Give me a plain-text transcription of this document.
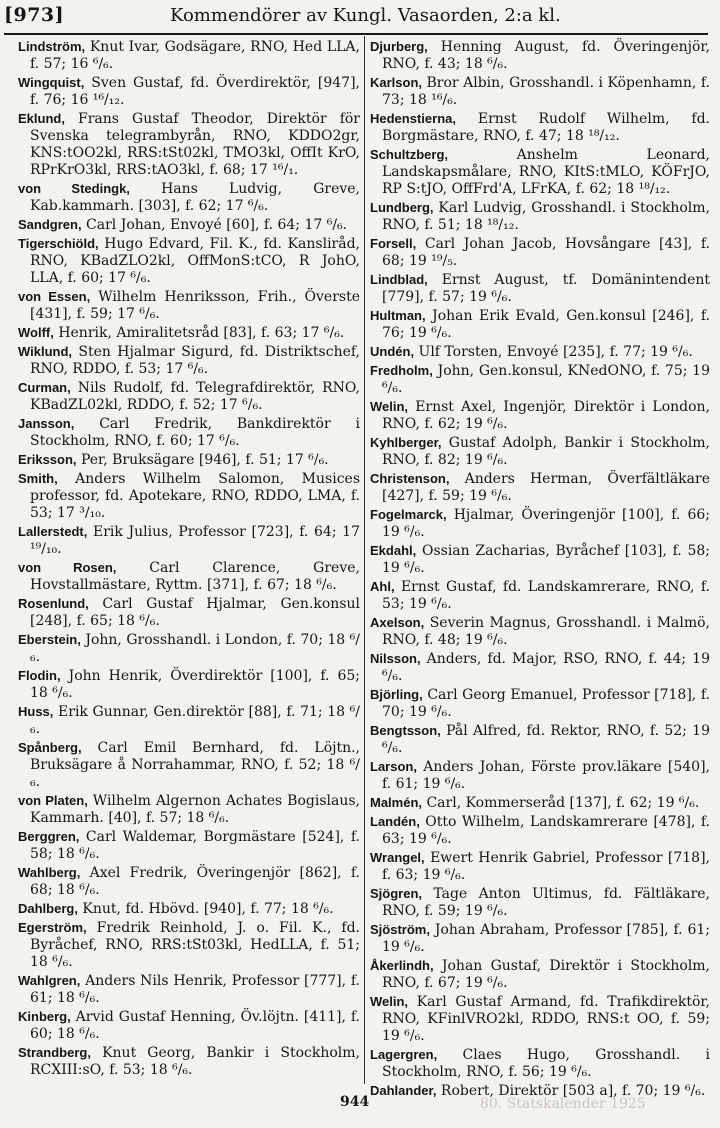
[973]	Kommendörer av Kungl. Vasaorden, 2:a kl.

Lindström, Knut Ivar, Godsägare, RNO, Hed LLA, f. 57; 16 ⁶/₆.

Wingquist, Sven Gustaf, fd. Överdirektör, [947], f. 76; 16 ¹⁶/₁₂.

Eklund, Frans Gustaf Theodor, Direktör för Svenska telegrambyrån, RNO, KDDO2gr, KNS:tOO2kl, RRS:tSt02kl, TMO3kl, OffIt KrO, RPrKrO3kl, RRS:tAO3kl, f. 68; 17 ¹⁶/₁.

von Stedingk, Hans Ludvig, Greve, Kab.kammarh. [303], f. 62; 17 ⁶/₆.

Sandgren, Carl Johan, Envoyé [60], f. 64; 17 ⁶/₆.

Tigerschiöld, Hugo Edvard, Fil. K., fd. Kansliråd, RNO, KBadZLO2kl, OffMonS:tCO, R JohO, LLA, f. 60; 17 ⁶/₆.

von Essen, Wilhelm Henriksson, Frih., Överste [431], f. 59; 17 ⁶/₆.

Wolff, Henrik, Amiralitetsråd [83], f. 63; 17 ⁶/₆.

Wiklund, Sten Hjalmar Sigurd, fd. Distriktschef, RNO, RDDO, f. 53; 17 ⁶/₆.

Curman, Nils Rudolf, fd. Telegrafdirektör, RNO, KBadZL02kl, RDDO, f. 52; 17 ⁶/₆.

Jansson, Carl Fredrik, Bankdirektör i Stockholm, RNO, f. 60; 17 ⁶/₆.

Eriksson, Per, Bruksägare [946], f. 51; 17 ⁶/₆.

Smith, Anders Wilhelm Salomon, Musices professor, fd. Apotekare, RNO, RDDO, LMA, f. 53; 17 ³/₁₀.

Lallerstedt, Erik Julius, Professor [723], f. 64; 17 ¹⁹/₁₀.

von Rosen, Carl Clarence, Greve, Hovstallmästare, Ryttm. [371], f. 67; 18 ⁶/₆.

Rosenlund, Carl Gustaf Hjalmar, Gen.konsul [248], f. 65; 18 ⁶/₆.

Eberstein, John, Grosshandl. i London, f. 70; 18 ⁶/₆.

Flodin, John Henrik, Överdirektör [100], f. 65; 18 ⁶/₆.

Huss, Erik Gunnar, Gen.direktör [88], f. 71; 18 ⁶/₆.

Spånberg, Carl Emil Bernhard, fd. Löjtn., Bruksägare å Norrahammar, RNO, f. 52; 18 ⁶/₆.

von Platen, Wilhelm Algernon Achates Bogislaus, Kammarh. [40], f. 57; 18 ⁶/₆.

Berggren, Carl Waldemar, Borgmästare [524], f. 58; 18 ⁶/₆.

Wahlberg, Axel Fredrik, Överingenjör [862], f. 68; 18 ⁶/₆.

Dahlberg, Knut, fd. Hbövd. [940], f. 77; 18 ⁶/₆.

Egerström, Fredrik Reinhold, J. o. Fil. K., fd. Byråchef, RNO, RRS:tSt03kl, HedLLA, f. 51; 18 ⁶/₆.

Wahlgren, Anders Nils Henrik, Professor [777], f. 61; 18 ⁶/₆.

Kinberg, Arvid Gustaf Henning, Öv.löjtn. [411], f. 60; 18 ⁶/₆.

Strandberg, Knut Georg, Bankir i Stockholm, RCXIII:sO, f. 53; 18 ⁶/₆.

Djurberg, Henning August, fd. Överingenjör, RNO, f. 43; 18 ⁶/₆.

Karlson, Bror Albin, Grosshandl. i Köpenhamn, f. 73; 18 ¹⁶/₆.

Hedenstierna, Ernst Rudolf Wilhelm, fd. Borgmästare, RNO, f. 47; 18 ¹⁸/₁₂.

Schultzberg,	Anshelm Leonard, Landskapsmålare, RNO, KItS:tMLO, KÖFrJO, RP S:tJO, OffFrd'A, LFrKA, f. 62; 18 ¹⁸/₁₂.

Lundberg, Karl Ludvig, Grosshandl. i Stockholm, RNO, f. 51; 18 ¹⁸/₁₂.

Forsell, Carl Johan Jacob, Hovsångare [43], f. 68; 19 ¹⁹/₅.

Lindblad, Ernst August, tf. Domänintendent [779], f. 57; 19 ⁶/₆.

Hultman, Johan Erik Evald, Gen.konsul [246], f. 76; 19 ⁶/₆.

Undén, Ulf Torsten, Envoyé [235], f. 77; 19 ⁶/₆.

Fredholm, John, Gen.konsul, KNedONO, f. 75; 19 ⁶/₆.

Welin, Ernst Axel, Ingenjör, Direktör i London, RNO, f. 62; 19 ⁶/₆.

Kyhlberger, Gustaf Adolph, Bankir i Stockholm, RNO, f. 82; 19 ⁶/₆.

Christenson, Anders Herman, Överfältläkare [427], f. 59; 19 ⁶/₆.

Fogelmarck, Hjalmar, Överingenjör [100], f. 66; 19 ⁶/₆.

Ekdahl, Ossian Zacharias, Byråchef [103], f. 58; 19 ⁶/₆.

Ahl, Ernst Gustaf, fd. Landskamrerare, RNO, f. 53; 19 ⁶/₆.

Axelson, Severin Magnus, Grosshandl. i Malmö, RNO, f. 48; 19 ⁶/₆.

Nilsson, Anders, fd. Major, RSO, RNO, f. 44; 19 ⁶/₆.

Björling, Carl Georg Emanuel, Professor [718], f. 70; 19 ⁶/₆.

Bengtsson, Pål Alfred, fd. Rektor, RNO, f. 52; 19 ⁶/₆.

Larson, Anders Johan, Förste prov.läkare [540], f. 61; 19 ⁶/₆.

Malmén, Carl, Kommerseråd [137], f. 62; 19 ⁶/₆.

Landén, Otto Wilhelm, Landskamrerare [478], f. 63; 19 ⁶/₆.

Wrangel, Ewert Henrik Gabriel, Professor [718], f. 63; 19 ⁶/₆.

Sjögren, Tage Anton Ultimus, fd. Fältläkare, RNO, f. 59; 19 ⁶/₆.

Sjöström, Johan Abraham, Professor [785], f. 61; 19 ⁶/₆.

Åkerlindh, Johan Gustaf, Direktör i Stockholm, RNO, f. 67; 19 ⁶/₆.

Welin, Karl Gustaf Armand, fd. Trafikdirektör, RNO, KFinlVRO2kl, RDDO, RNS:t OO, f. 59; 19 ⁶/₆.

Lagergren, Claes Hugo, Grosshandl. i Stockholm, RNO, f. 56; 19 ⁶/₆.

Dahlander, Robert, Direktör [503 a], f. 70; 19 ⁶/₆.

944	80. Statskalender 1925
